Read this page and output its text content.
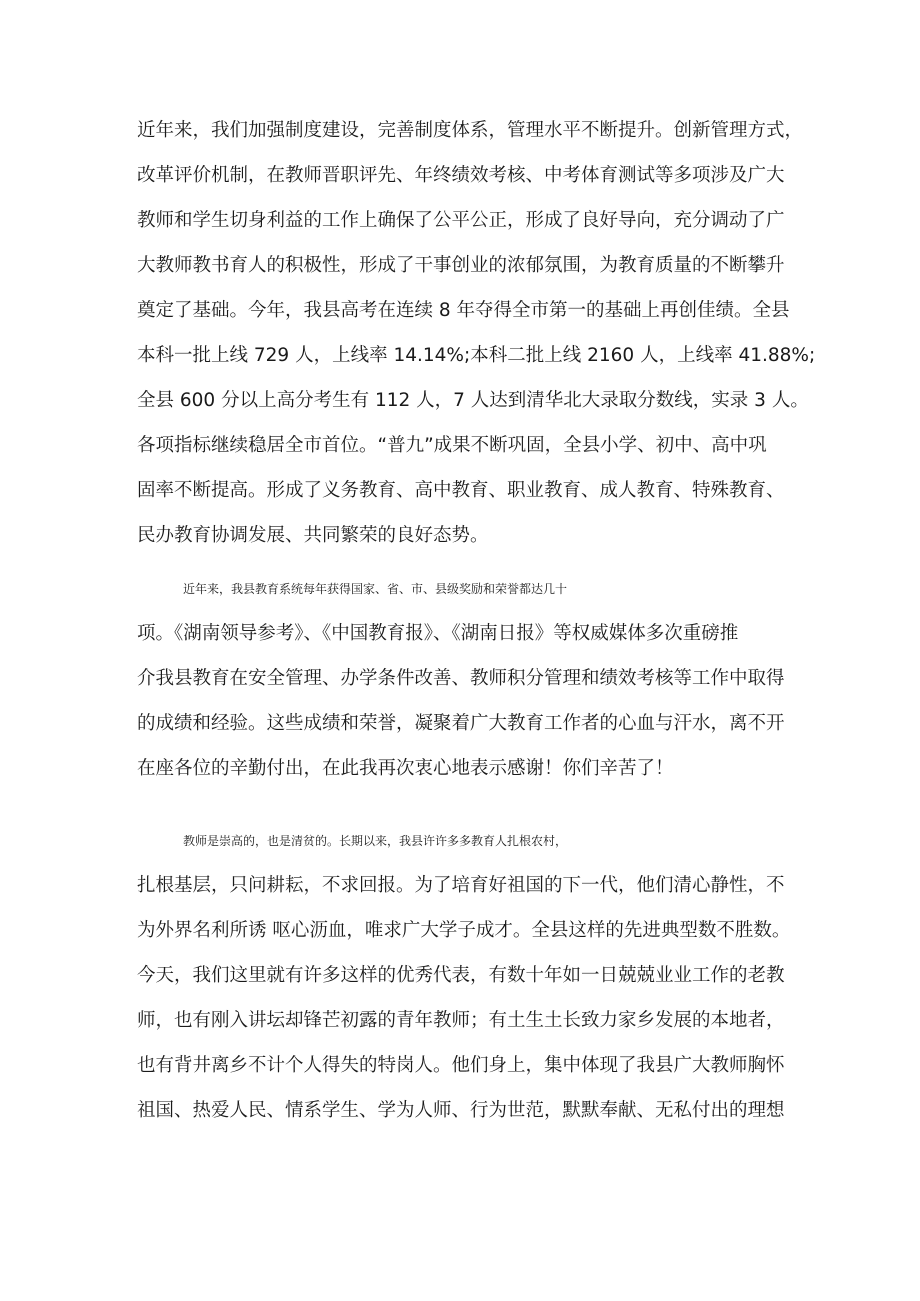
近年来，我们加强制度建设，完善制度体系，管理水平不断提升。创新管理方式，
改革评价机制，在教师晋职评先、年终绩效考核、中考体育测试等多项涉及广大
教师和学生切身利益的工作上确保了公平公正，形成了良好导向，充分调动了广
大教师教书育人的积极性，形成了干事创业的浓郁氛围，为教育质量的不断攀升
奠定了基础。今年，我县高考在连续 8 年夺得全市第一的基础上再创佳绩。全县
本科一批上线 729 人，上线率 14.14%;本科二批上线 2160 人，上线率 41.88%;
全县 600 分以上高分考生有 112 人，7 人达到清华北大录取分数线，实录 3 人。
各项指标继续稳居全市首位。“普九”成果不断巩固，全县小学、初中、高中巩
固率不断提高。形成了义务教育、高中教育、职业教育、成人教育、特殊教育、
民办教育协调发展、共同繁荣的良好态势。
近年来，我县教育系统每年获得国家、省、市、县级奖励和荣誉都达几十
项。《湖南领导参考》、《中国教育报》、《湖南日报》等权威媒体多次重磅推
介我县教育在安全管理、办学条件改善、教师积分管理和绩效考核等工作中取得
的成绩和经验。这些成绩和荣誉，凝聚着广大教育工作者的心血与汗水，离不开
在座各位的辛勤付出，在此我再次衷心地表示感谢！你们辛苦了！
教师是崇高的，也是清贫的。长期以来，我县许许多多教育人扎根农村，
扎根基层，只问耕耘，不求回报。为了培育好祖国的下一代，他们清心静性，不
为外界名利所诱 呕心沥血，唯求广大学子成才。全县这样的先进典型数不胜数。
今天，我们这里就有许多这样的优秀代表，有数十年如一日兢兢业业工作的老教
师，也有刚入讲坛却锋芒初露的青年教师；有土生土长致力家乡发展的本地者，
也有背井离乡不计个人得失的特岗人。他们身上，集中体现了我县广大教师胸怀
祖国、热爱人民、情系学生、学为人师、行为世范，默默奉献、无私付出的理想
